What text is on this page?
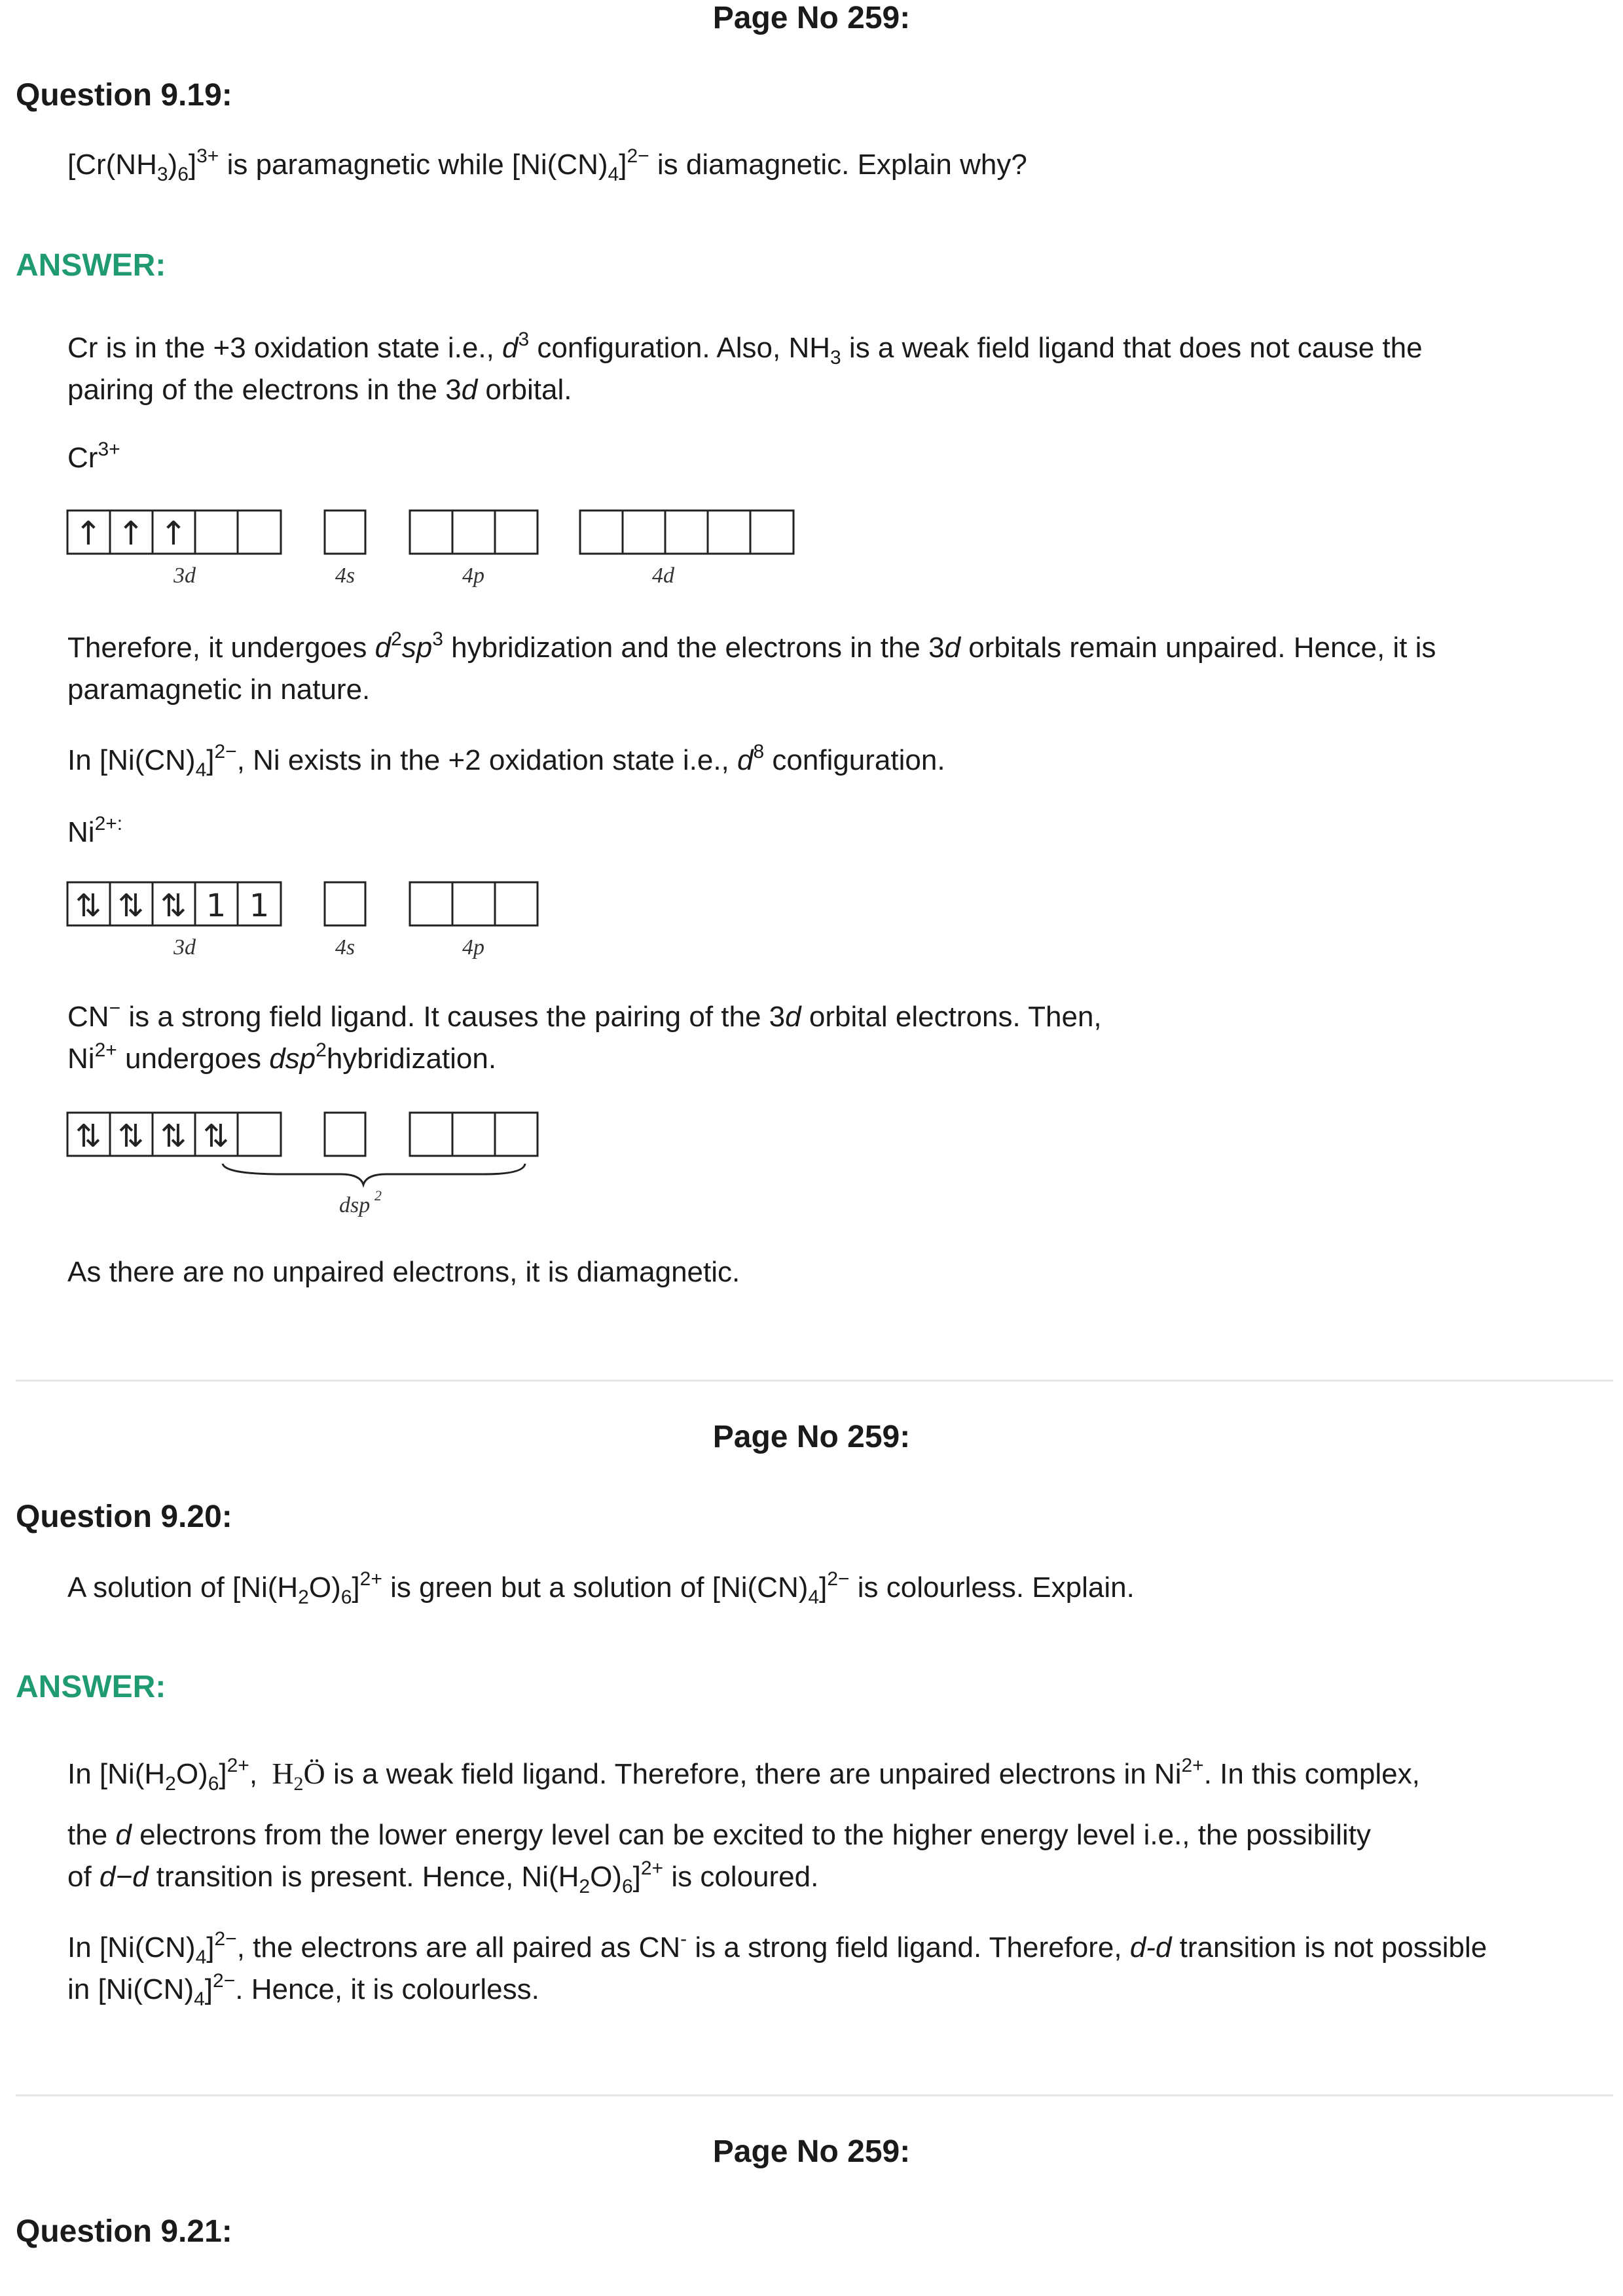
Page No 259:
Question 9.19:
$[Cr(NH_3)_6]^{3+}$ is paramagnetic while $[Ni(CN)_4]^{2-}$ is diamagnetic. Explain why?
ANSWER:
Cr is in the +3 oxidation state i.e., $d^3$ configuration. Also, $NH_3$ is a weak field ligand that does not cause the
pairing of the electrons in the 3d orbital.
$Cr^{3+}$
↑ ↑ ↑
3d	4s	4p	4d
Therefore, it undergoes $d^2sp^3$ hybridization and the electrons in the 3d orbitals remain unpaired. Hence, it is
paramagnetic in nature.
In $[Ni(CN)_4]^{2-}$, Ni exists in the +2 oxidation state i.e., $d^8$ configuration.
$Ni^{2+:}$
⇅ ⇅ ⇅ 1 1
3d	4s	4p
CN− is a strong field ligand. It causes the pairing of the 3d orbital electrons. Then,
$Ni^{2+}$ undergoes dsp$^2$hybridization.
⇅ ⇅ ⇅ ⇅
dsp 2
As there are no unpaired electrons, it is diamagnetic.
Page No 259:
Question 9.20:
A solution of $[Ni(H_2O)_6]^{2+}$ is green but a solution of $[Ni(CN)_4]^{2-}$ is colourless. Explain.
ANSWER:
In $[Ni(H_2O)_6]^{2+}$, $H_2Ö$ is a weak field ligand. Therefore, there are unpaired electrons in $Ni^{2+}$. In this complex,
the d electrons from the lower energy level can be excited to the higher energy level i.e., the possibility
of d−d transition is present. Hence, $Ni(H_2O)_6]^{2+}$ is coloured.
In $[Ni(CN)_4]^{2-}$, the electrons are all paired as CN- is a strong field ligand. Therefore, d-d transition is not possible
in $[Ni(CN)_4]^{2-}$. Hence, it is colourless.
Page No 259:
Question 9.21:
